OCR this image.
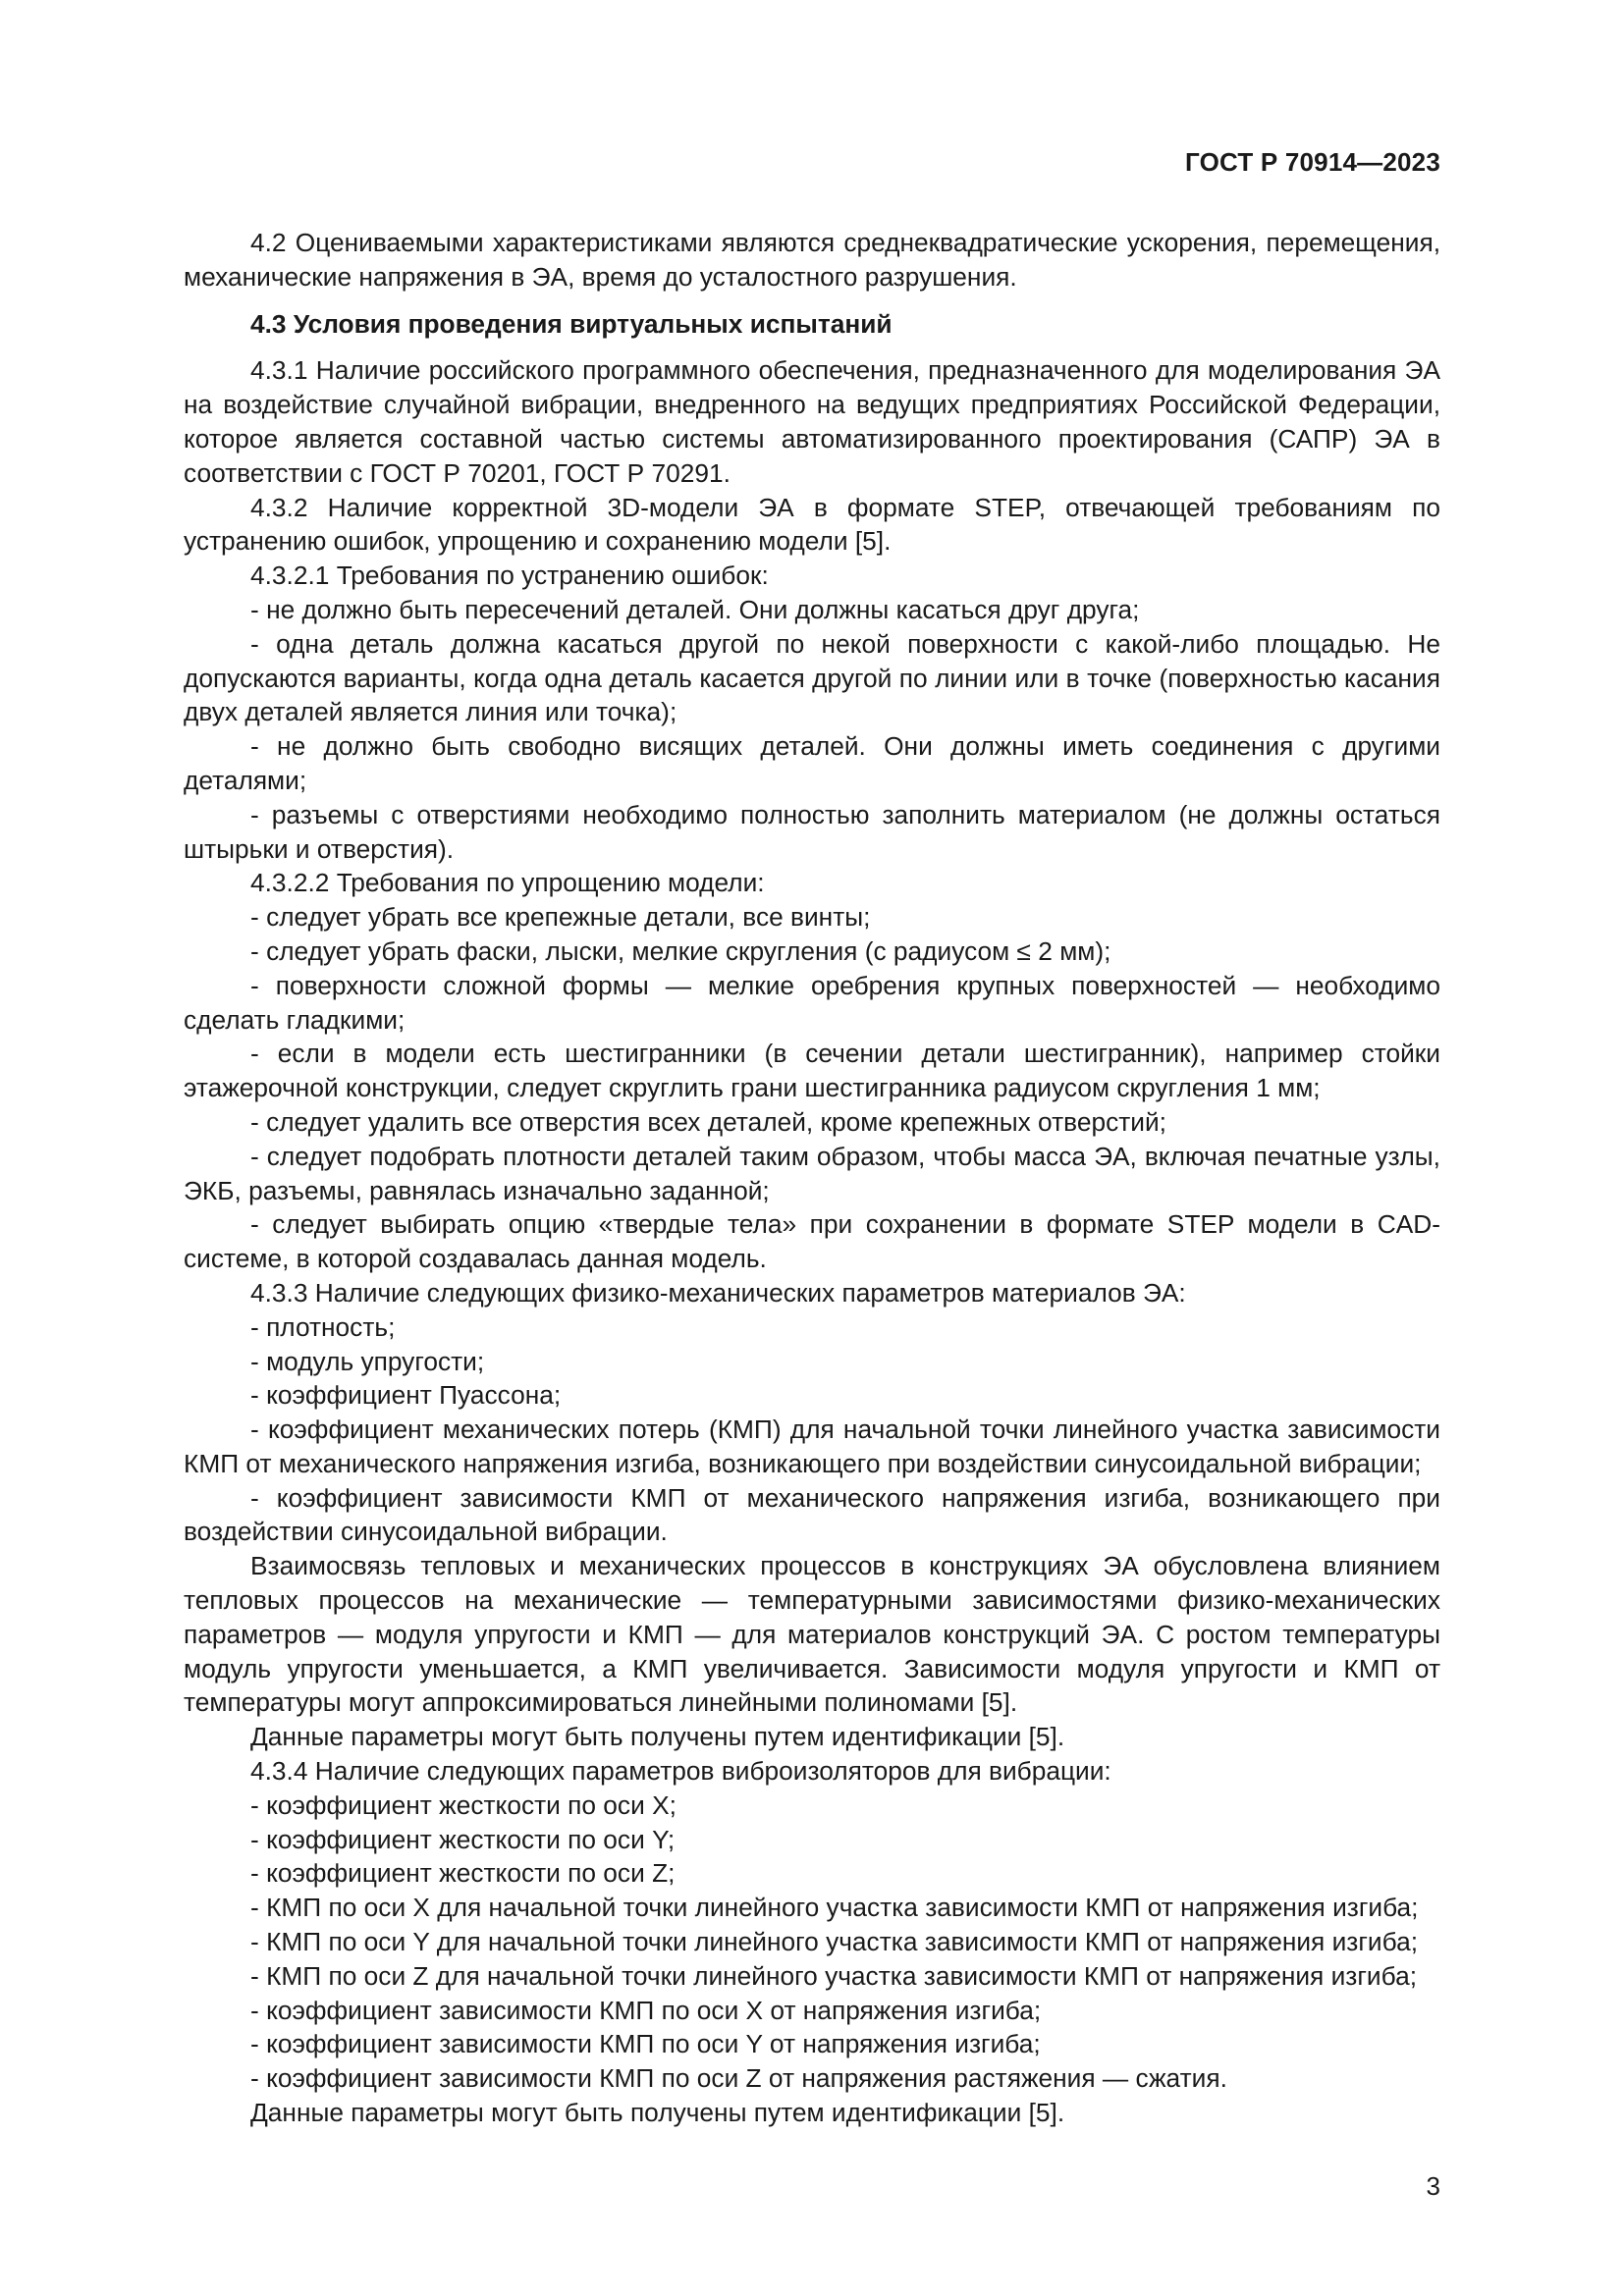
ГОСТ Р 70914—2023

4.2 Оцениваемыми характеристиками являются среднеквадратические ускорения, перемещения, механические напряжения в ЭА, время до усталостного разрушения.

4.3 Условия проведения виртуальных испытаний

4.3.1 Наличие российского программного обеспечения, предназначенного для моделирования ЭА на воздействие случайной вибрации, внедренного на ведущих предприятиях Российской Федерации, которое является составной частью системы автоматизированного проектирования (САПР) ЭА в соответствии с ГОСТ Р 70201, ГОСТ Р 70291.

4.3.2 Наличие корректной 3D-модели ЭА в формате STEP, отвечающей требованиям по устранению ошибок, упрощению и сохранению модели [5].

4.3.2.1 Требования по устранению ошибок:

- не должно быть пересечений деталей. Они должны касаться друг друга;

- одна деталь должна касаться другой по некой поверхности с какой-либо площадью. Не допускаются варианты, когда одна деталь касается другой по линии или в точке (поверхностью касания двух деталей является линия или точка);

- не должно быть свободно висящих деталей. Они должны иметь соединения с другими деталями;

- разъемы с отверстиями необходимо полностью заполнить материалом (не должны остаться штырьки и отверстия).

4.3.2.2 Требования по упрощению модели:

- следует убрать все крепежные детали, все винты;

- следует убрать фаски, лыски, мелкие скругления (с радиусом ≤ 2 мм);

- поверхности сложной формы — мелкие оребрения крупных поверхностей — необходимо сделать гладкими;

- если в модели есть шестигранники (в сечении детали шестигранник), например стойки этажерочной конструкции, следует скруглить грани шестигранника радиусом скругления 1 мм;

- следует удалить все отверстия всех деталей, кроме крепежных отверстий;

- следует подобрать плотности деталей таким образом, чтобы масса ЭА, включая печатные узлы, ЭКБ, разъемы, равнялась изначально заданной;

- следует выбирать опцию «твердые тела» при сохранении в формате STEP модели в CAD-системе, в которой создавалась данная модель.

4.3.3 Наличие следующих физико-механических параметров материалов ЭА:

- плотность;

- модуль упругости;

- коэффициент Пуассона;

- коэффициент механических потерь (КМП) для начальной точки линейного участка зависимости КМП от механического напряжения изгиба, возникающего при воздействии синусоидальной вибрации;

- коэффициент зависимости КМП от механического напряжения изгиба, возникающего при воздействии синусоидальной вибрации.

Взаимосвязь тепловых и механических процессов в конструкциях ЭА обусловлена влиянием тепловых процессов на механические — температурными зависимостями физико-механических параметров — модуля упругости и КМП — для материалов конструкций ЭА. С ростом температуры модуль упругости уменьшается, а КМП увеличивается. Зависимости модуля упругости и КМП от температуры могут аппроксимироваться линейными полиномами [5].

Данные параметры могут быть получены путем идентификации [5].

4.3.4 Наличие следующих параметров виброизоляторов для вибрации:

- коэффициент жесткости по оси X;

- коэффициент жесткости по оси Y;

- коэффициент жесткости по оси Z;

- КМП по оси X для начальной точки линейного участка зависимости КМП от напряжения изгиба;

- КМП по оси Y для начальной точки линейного участка зависимости КМП от напряжения изгиба;

- КМП по оси Z для начальной точки линейного участка зависимости КМП от напряжения изгиба;

- коэффициент зависимости КМП по оси X от напряжения изгиба;

- коэффициент зависимости КМП по оси Y от напряжения изгиба;

- коэффициент зависимости КМП по оси Z от напряжения растяжения — сжатия.

Данные параметры могут быть получены путем идентификации [5].

3
